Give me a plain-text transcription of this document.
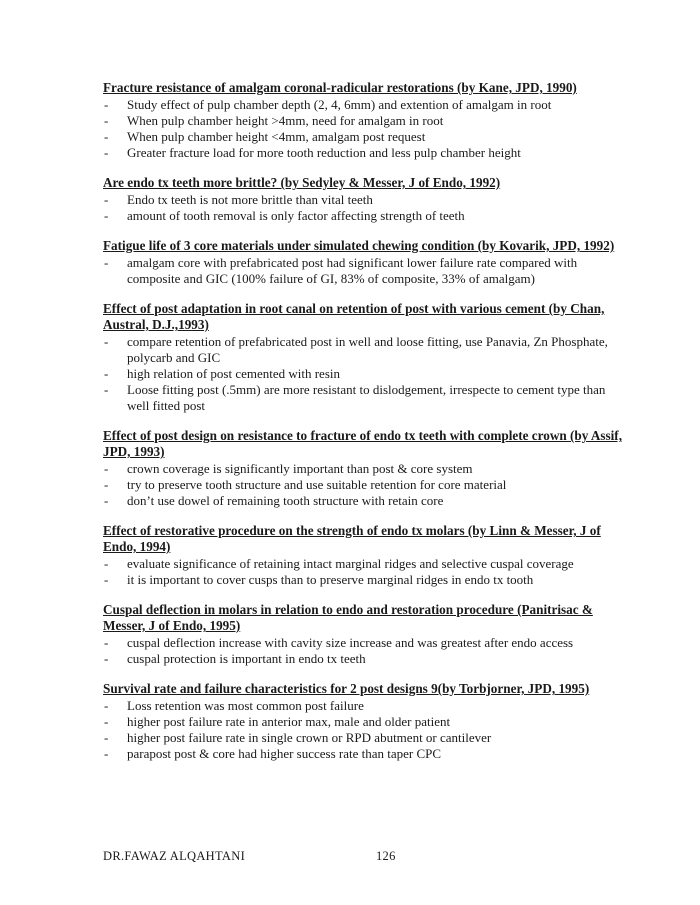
Fracture resistance of amalgam coronal-radicular restorations (by Kane, JPD, 1990)

- Study effect of pulp chamber depth (2, 4, 6mm) and extention of amalgam in root
- When pulp chamber height >4mm, need for amalgam in root
- When pulp chamber height <4mm, amalgam post request
- Greater fracture load for more tooth reduction and less pulp chamber height

Are endo tx teeth more brittle? (by Sedyley & Messer, J of Endo, 1992)

- Endo tx teeth is not more brittle than vital teeth
- amount of tooth removal is only factor affecting strength of teeth

Fatigue life of 3 core materials under simulated chewing condition (by Kovarik, JPD, 1992)

- amalgam core with prefabricated post had significant lower failure rate compared with composite and GIC (100% failure of GI, 83% of composite, 33% of amalgam)

Effect of post adaptation in root canal on retention of post with various cement (by Chan, Austral, D.J.,1993)

- compare retention of prefabricated post in well and loose fitting, use Panavia, Zn Phosphate, polycarb and GIC
- high relation of post cemented with resin
- Loose fitting post (.5mm) are more resistant to dislodgement, irrespecte to cement type than well fitted post

Effect of post design on resistance to fracture of endo tx teeth with complete crown (by Assif, JPD, 1993)

- crown coverage is significantly important than post & core system
- try to preserve tooth structure and use suitable retention for core material
- don’t use dowel of remaining tooth structure with retain core

Effect of restorative procedure on the strength of endo tx molars (by Linn & Messer, J of Endo, 1994)

- evaluate significance of retaining intact marginal ridges and selective cuspal coverage
- it is important to cover cusps than to preserve marginal ridges in endo tx tooth

Cuspal deflection in molars in relation to endo and restoration procedure (Panitrisac & Messer, J of Endo, 1995)

- cuspal deflection increase with cavity size increase and was greatest after endo access
- cuspal protection is important in endo tx teeth

Survival rate and failure characteristics for 2 post designs 9(by Torbjorner, JPD, 1995)

- Loss retention was most common post failure
- higher post failure rate in anterior max, male and older patient
- higher post failure rate in single crown or RPD abutment or cantilever
- parapost post & core had higher success rate than taper CPC
DR.FAWAZ ALQAHTANI	126
